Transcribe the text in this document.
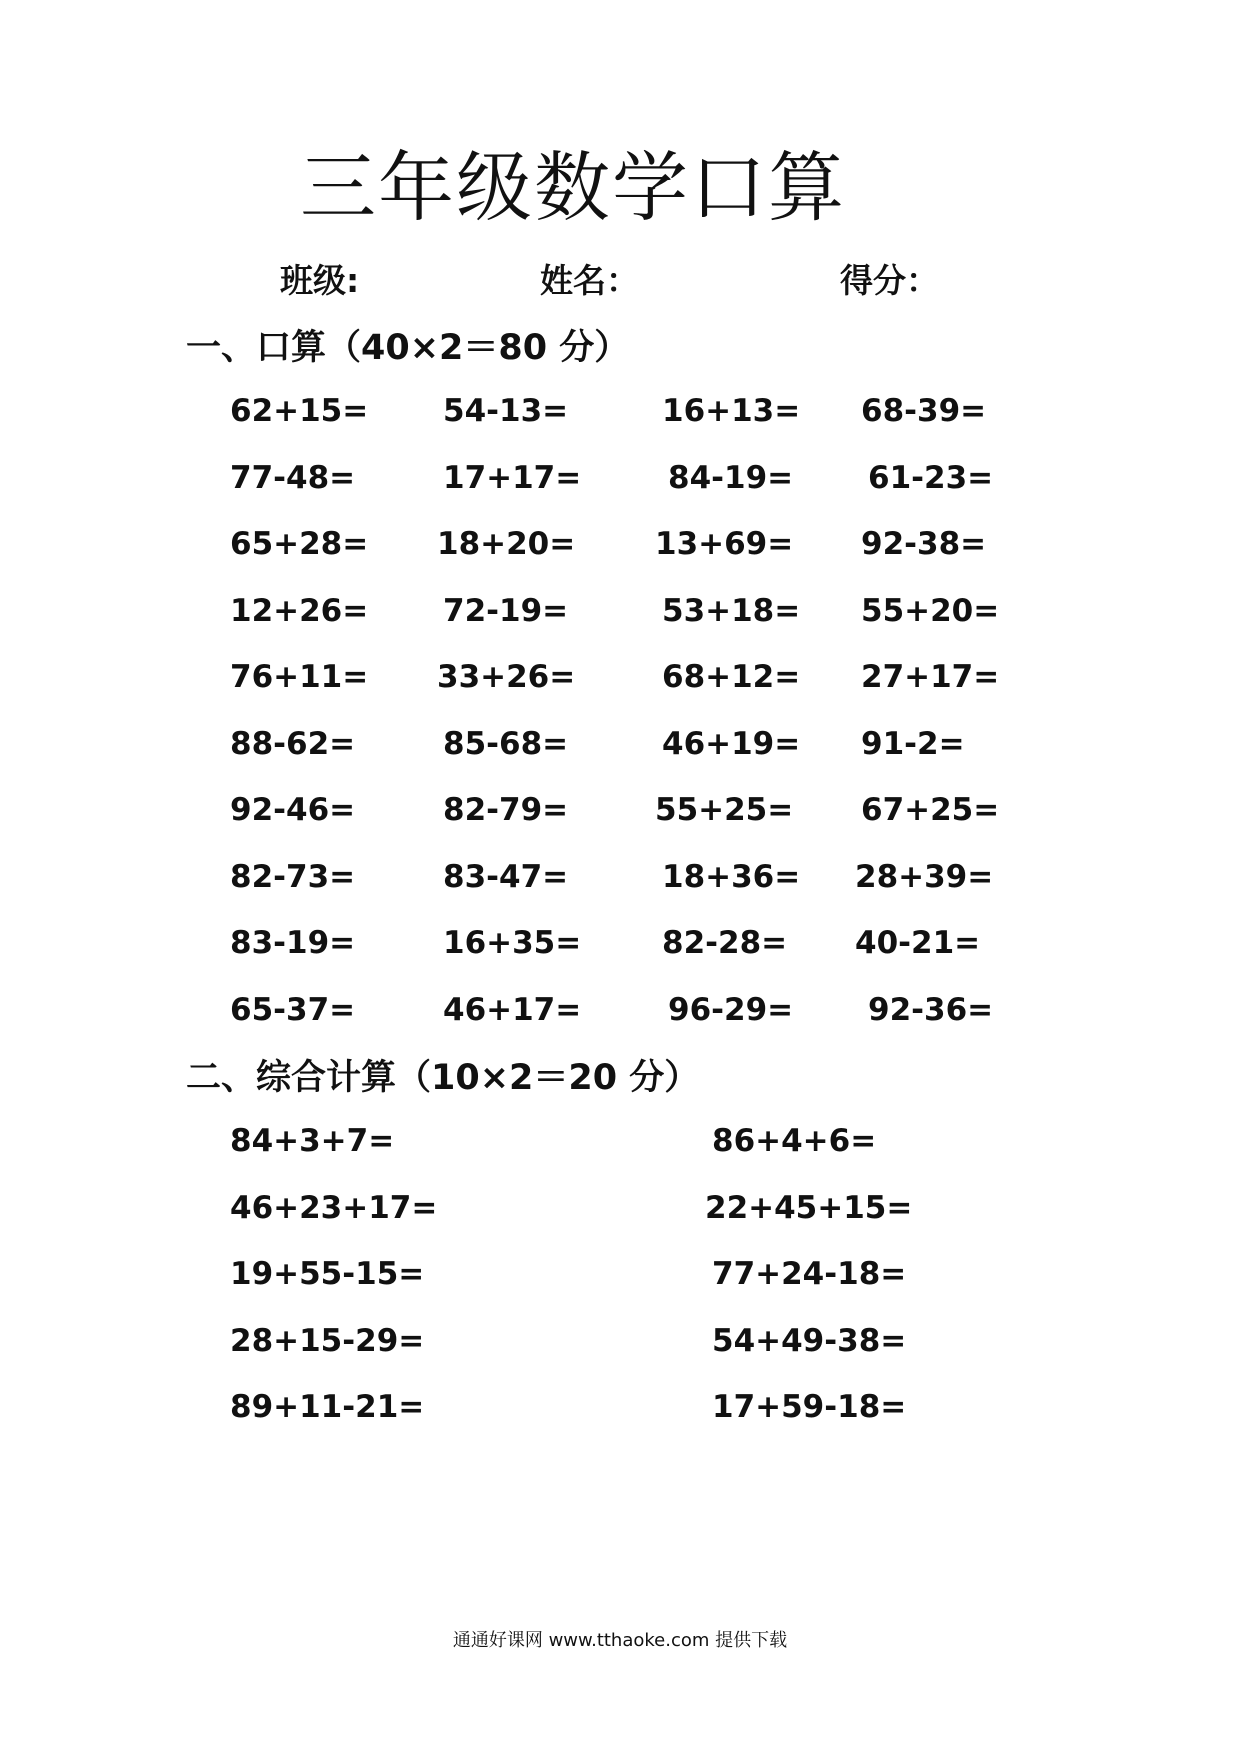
三年级数学口算
班级:	姓名：	得分：
一、口算（40×2＝80 分）
62+15= 54-13=	16+13= 68-39=
77-48=	17+17=	84-19= 61-23=
65+28= 18+20=	13+69= 92-38=
12+26= 72-19=	53+18= 55+20=
76+11= 33+26=	68+12= 27+17=
88-62=	85-68=	46+19= 91-2=
92-46=	82-79=	55+25= 67+25=
82-73=	83-47=	18+36= 28+39=
83-19=	16+35=	82-28= 40-21=
65-37=	46+17=	96-29= 92-36=
二、综合计算（10×2＝20 分）
84+3+7=	86+4+6=
46+23+17=	22+45+15=
19+55-15=	77+24-18=
28+15-29=	54+49-38=
89+11-21=	17+59-18=
通通好课网 www.tthaoke.com 提供下载
